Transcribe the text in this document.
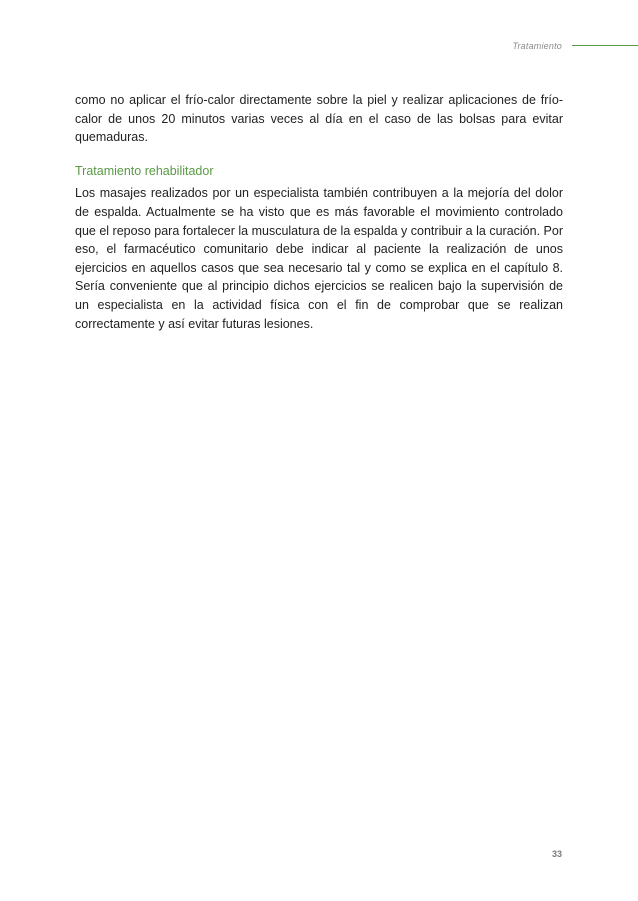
Tratamiento

como no aplicar el frío-calor directamente sobre la piel y realizar aplicaciones de frío-calor de unos 20 minutos varias veces al día en el caso de las bolsas para evitar quemaduras.

Tratamiento rehabilitador

Los masajes realizados por un especialista también contribuyen a la mejoría del dolor de espalda. Actualmente se ha visto que es más favorable el movimiento controlado que el reposo para fortalecer la musculatura de la espalda y contribuir a la curación. Por eso, el farmacéutico comunitario debe indicar al paciente la realización de unos ejercicios en aquellos casos que sea necesario tal y como se explica en el capítulo 8. Sería conveniente que al principio dichos ejercicios se realicen bajo la supervisión de un especialista en la actividad física con el fin de comprobar que se realizan correctamente y así evitar futuras lesiones.

33
